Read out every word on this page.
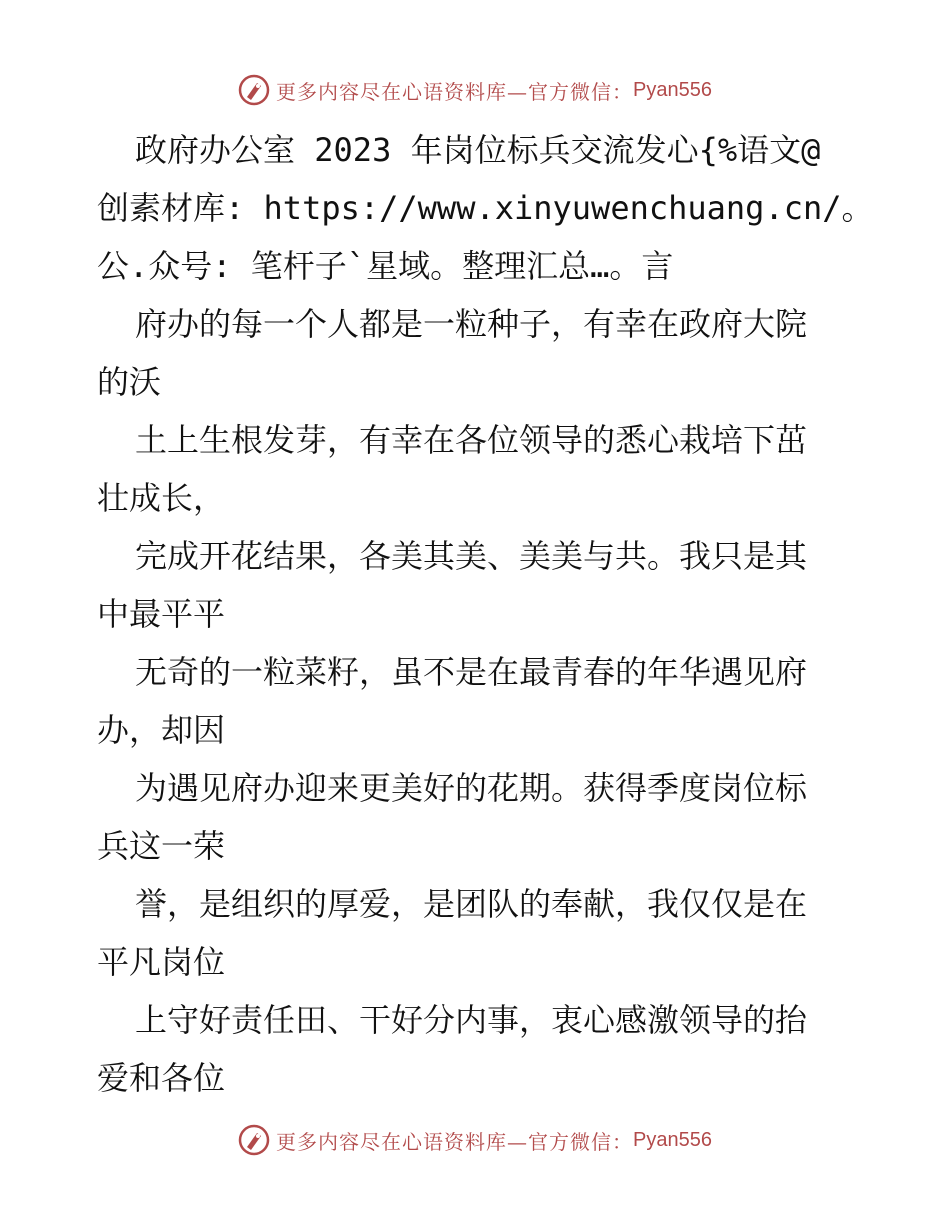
更多内容尽在心语资料库—官方微信： Pyan556
政府办公室 2023 年岗位标兵交流发心{%语文@
创素材库: https://www.xinyuwenchuang.cn/。
公.众号: 笔杆子`星域。整理汇总…。言
府办的每一个人都是一粒种子，有幸在政府大院
的沃
土上生根发芽，有幸在各位领导的悉心栽培下茁
壮成长，
完成开花结果，各美其美、美美与共。我只是其
中最平平
无奇的一粒菜籽，虽不是在最青春的年华遇见府
办，却因
为遇见府办迎来更美好的花期。获得季度岗位标
兵这一荣
誉，是组织的厚爱，是团队的奉献，我仅仅是在
平凡岗位
上守好责任田、干好分内事，衷心感激领导的抬
爱和各位
更多内容尽在心语资料库—官方微信： Pyan556
